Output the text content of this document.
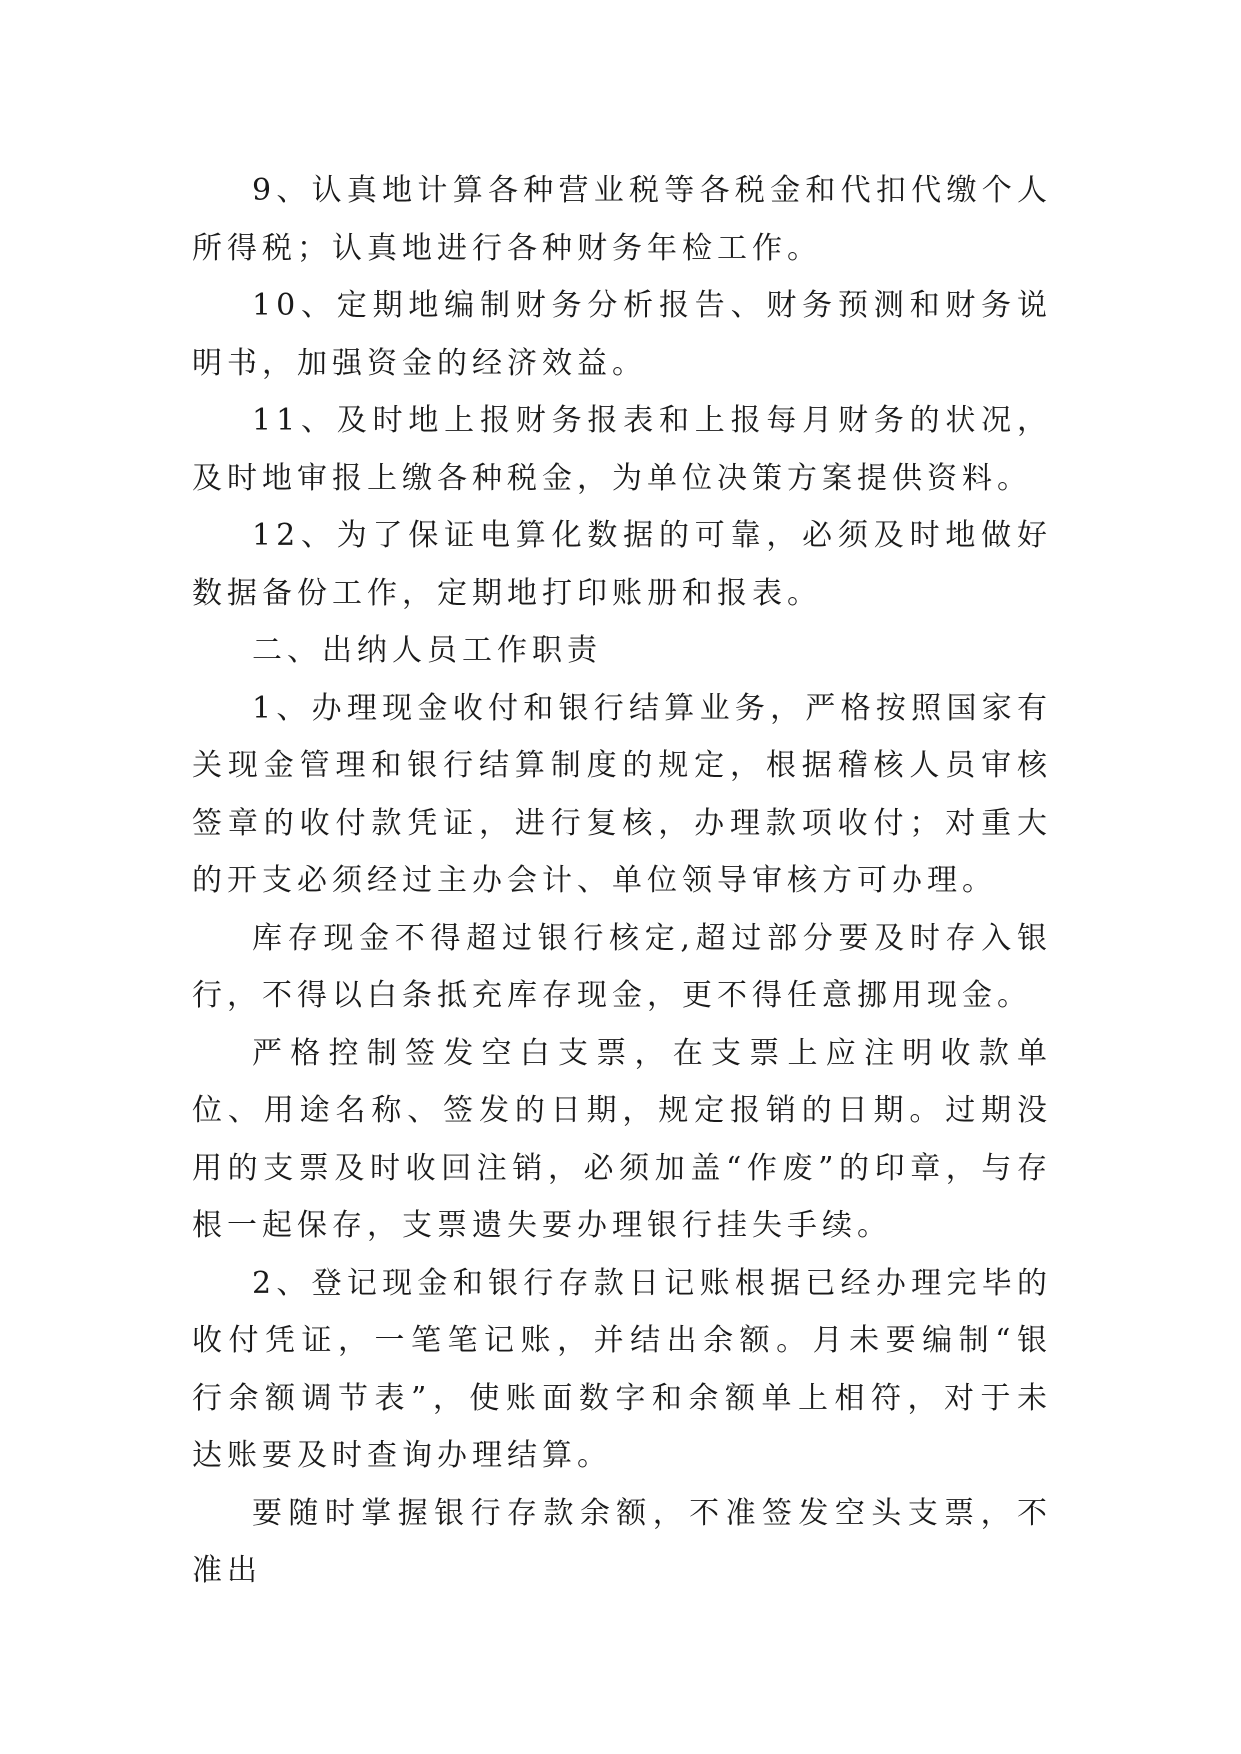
9、认真地计算各种营业税等各税金和代扣代缴个人所得税；认真地进行各种财务年检工作。

10、定期地编制财务分析报告、财务预测和财务说明书，加强资金的经济效益。

11、及时地上报财务报表和上报每月财务的状况，及时地审报上缴各种税金，为单位决策方案提供资料。

12、为了保证电算化数据的可靠，必须及时地做好数据备份工作，定期地打印账册和报表。

二、出纳人员工作职责

1、办理现金收付和银行结算业务，严格按照国家有关现金管理和银行结算制度的规定，根据稽核人员审核签章的收付款凭证，进行复核，办理款项收付；对重大的开支必须经过主办会计、单位领导审核方可办理。

库存现金不得超过银行核定,超过部分要及时存入银行，不得以白条抵充库存现金，更不得任意挪用现金。

严格控制签发空白支票，在支票上应注明收款单位、用途名称、签发的日期，规定报销的日期。过期没用的支票及时收回注销，必须加盖“作废”的印章，与存根一起保存，支票遗失要办理银行挂失手续。

2、登记现金和银行存款日记账根据已经办理完毕的收付凭证，一笔笔记账，并结出余额。月未要编制“银行余额调节表”，使账面数字和余额单上相符，对于未达账要及时查询办理结算。

要随时掌握银行存款余额，不准签发空头支票，不准出
